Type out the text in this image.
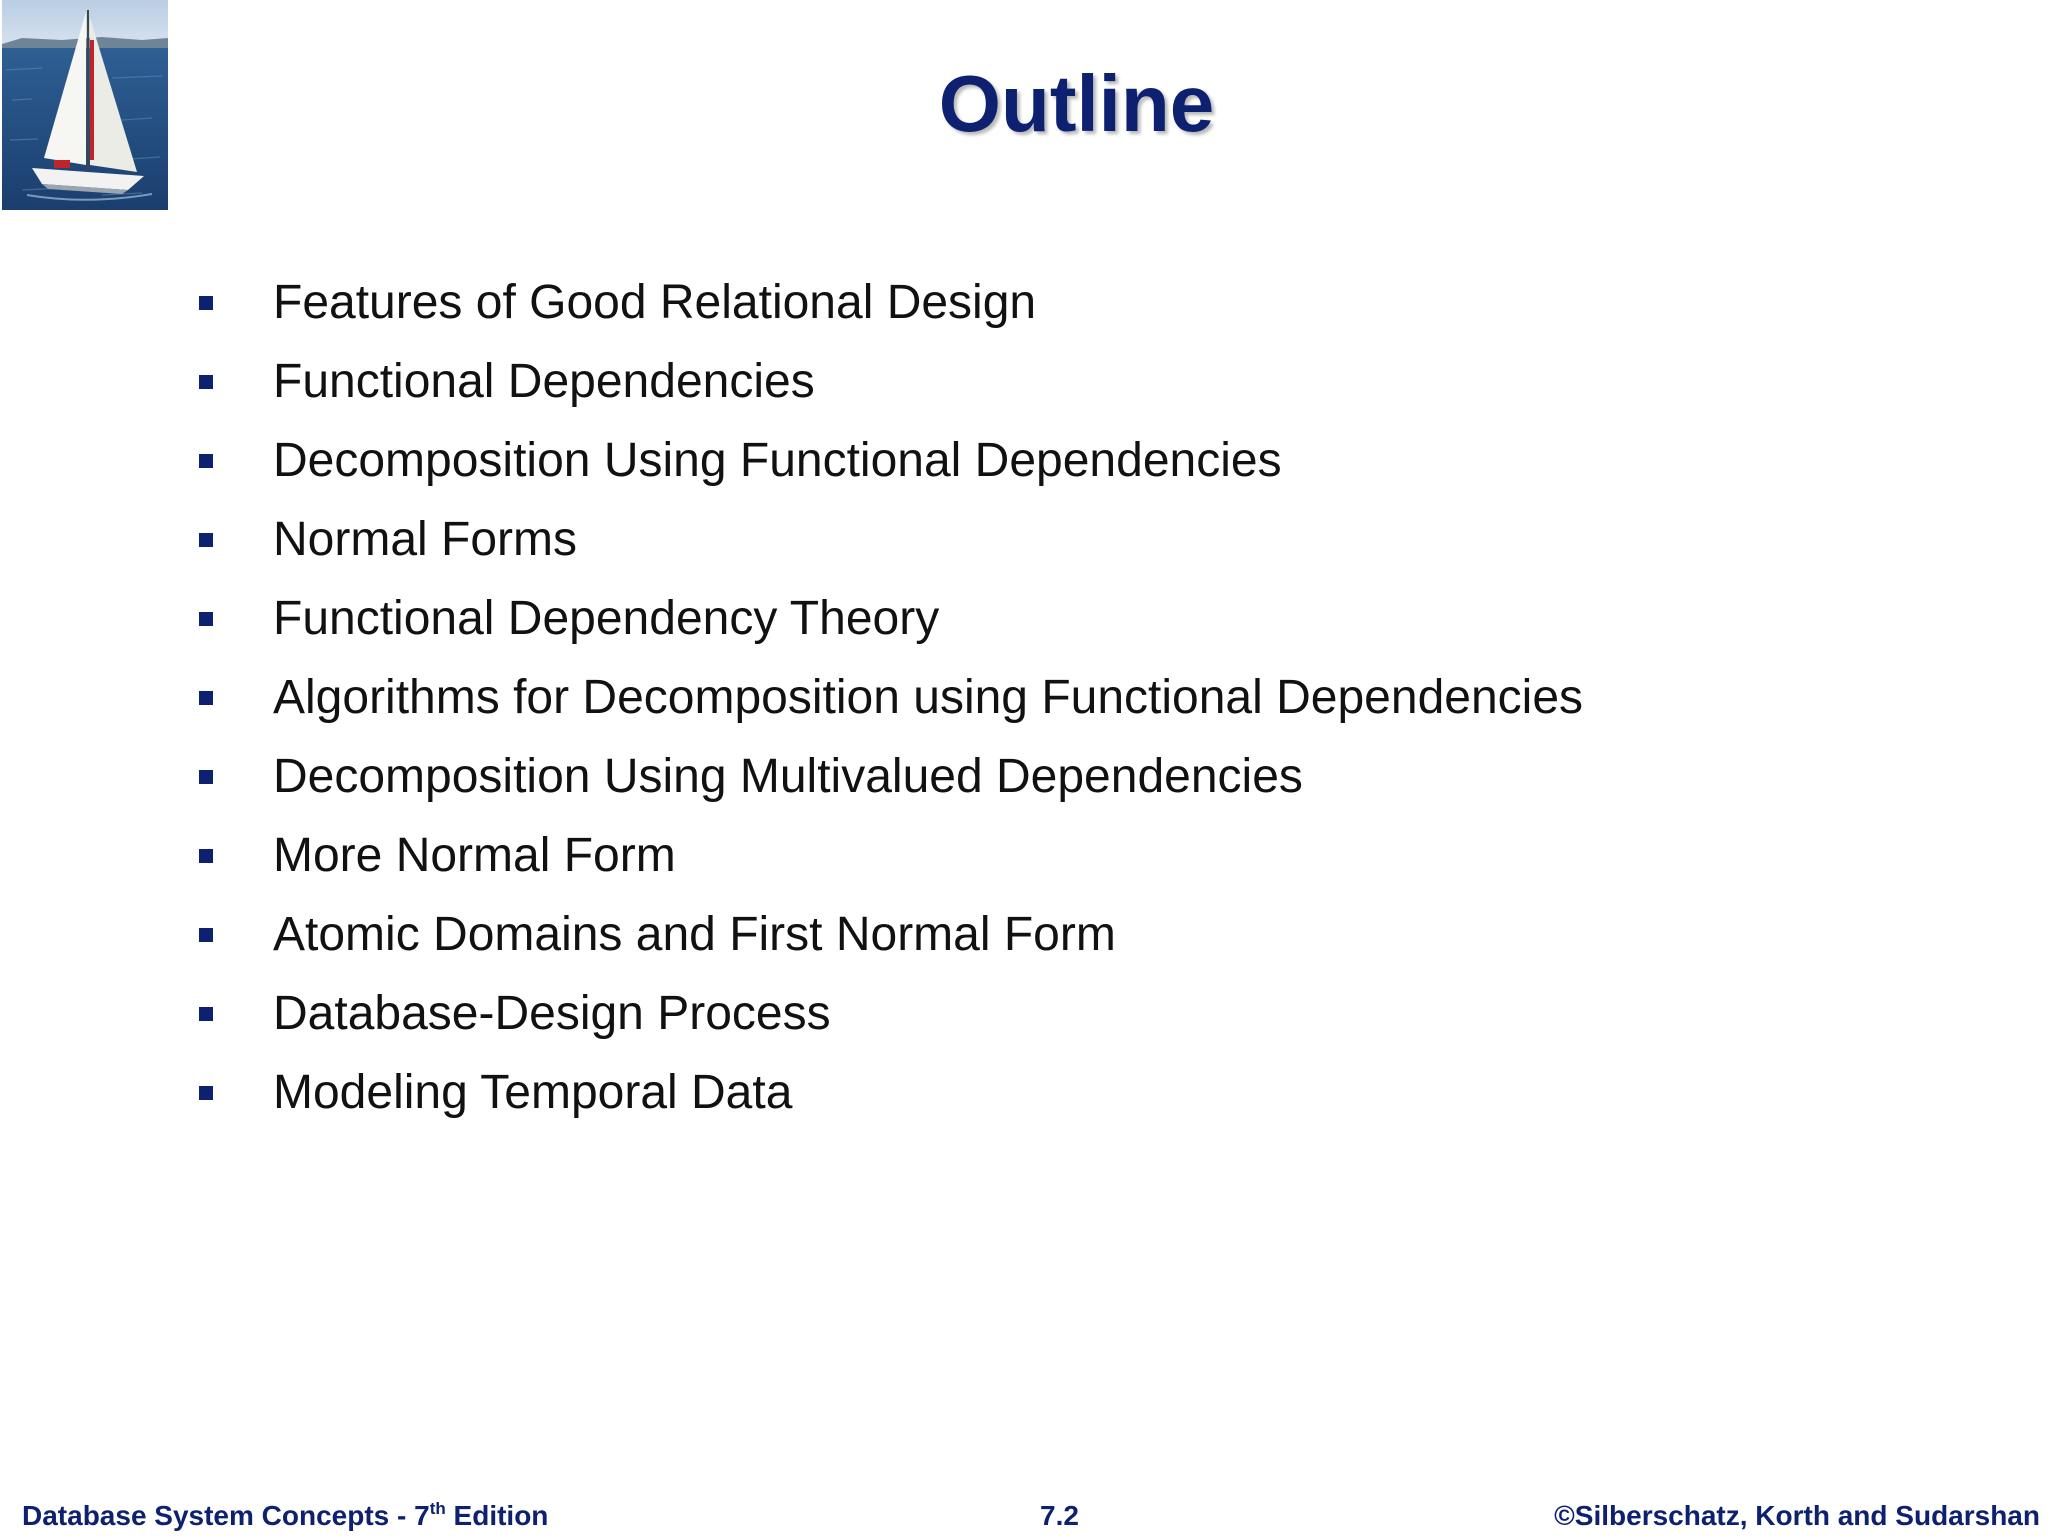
Outline
Features of Good Relational Design
Functional Dependencies
Decomposition Using Functional Dependencies
Normal Forms
Functional Dependency Theory
Algorithms for Decomposition using Functional Dependencies
Decomposition Using Multivalued Dependencies
More Normal Form
Atomic Domains and First Normal Form
Database-Design Process
Modeling Temporal Data
Database System Concepts - 7th Edition	7.2	©Silberschatz, Korth and Sudarshan
